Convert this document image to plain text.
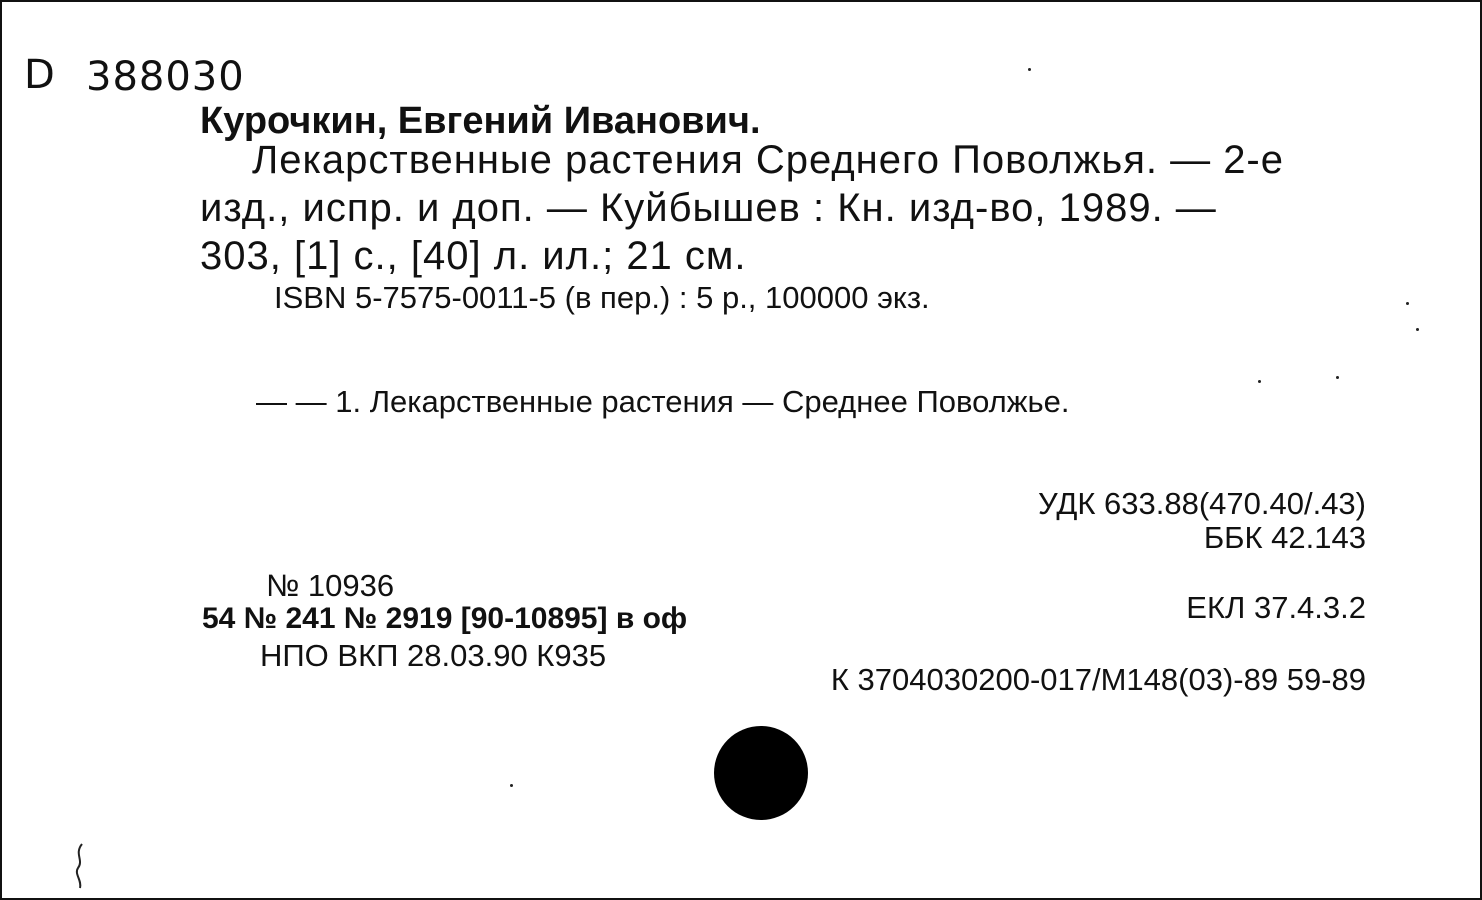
D 388030
Курочкин, Евгений Иванович.
Лекарственные растения Среднего Поволжья. — 2-е
изд., испр. и доп. — Куйбышев : Кн. изд-во, 1989. —
303, [1] с., [40] л. ил.; 21 см.
ISBN 5-7575-0011-5 (в пер.) : 5 р., 100000 экз.
— — 1. Лекарственные растения — Среднее Поволжье.
УДК 633.88(470.40/.43)
ББК 42.143
№ 10936
54 № 241 № 2919 [90-10895] в оф
НПО ВКП 28.03.90 К935
ЕКЛ 37.4.3.2
К 3704030200-017/М148(03)-89 59-89
